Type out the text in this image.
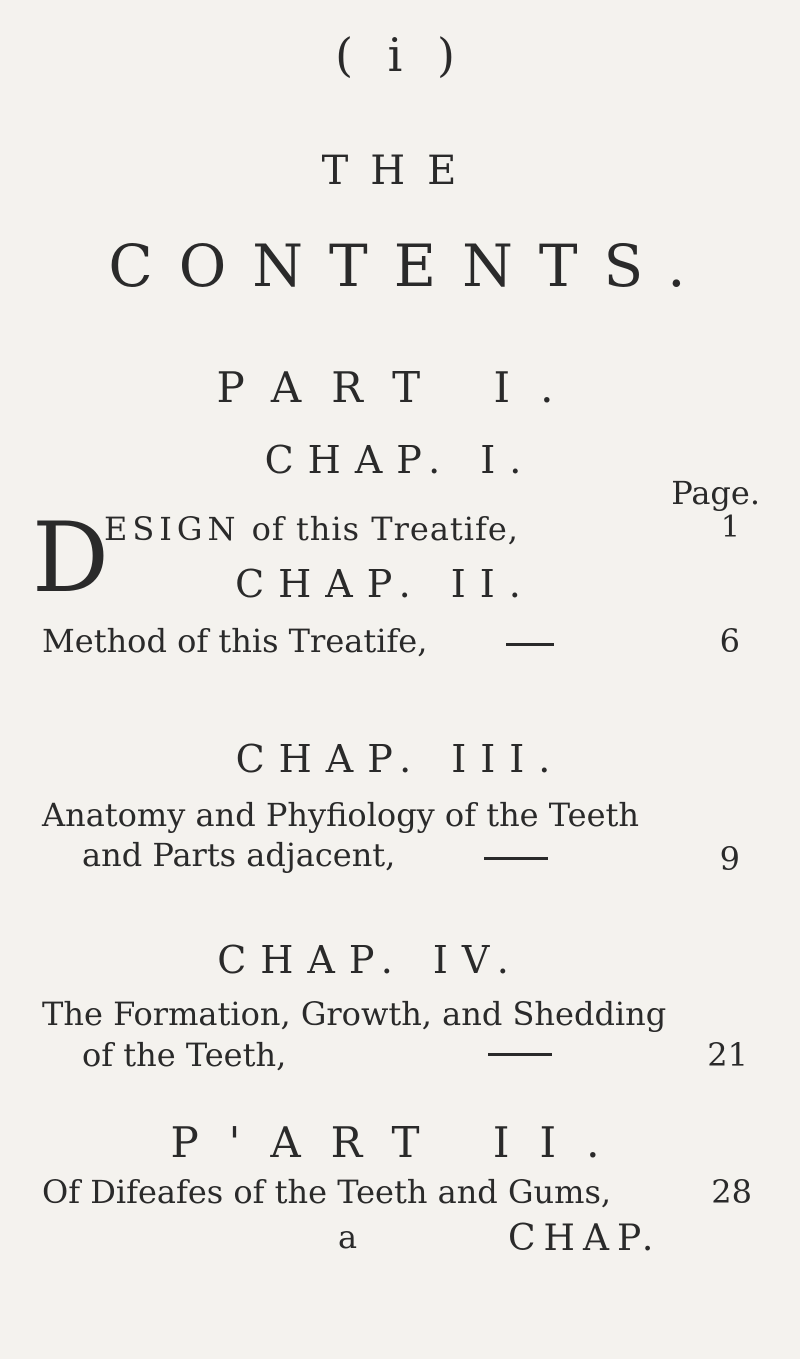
( i )
THE
CONTENTS.
PART I.
CHAP. I.
Page.
D
ESIGN of this Treatife,	1
CHAP. II.
Method of this Treatife,	6
CHAP. III.
Anatomy and Phyfiology of the Teeth
and Parts adjacent,	9
CHAP. IV.
The Formation, Growth, and Shedding
of the Teeth,	21
P'ART II.
Of Difeafes of the Teeth and Gums,	28
a	CHAP.
